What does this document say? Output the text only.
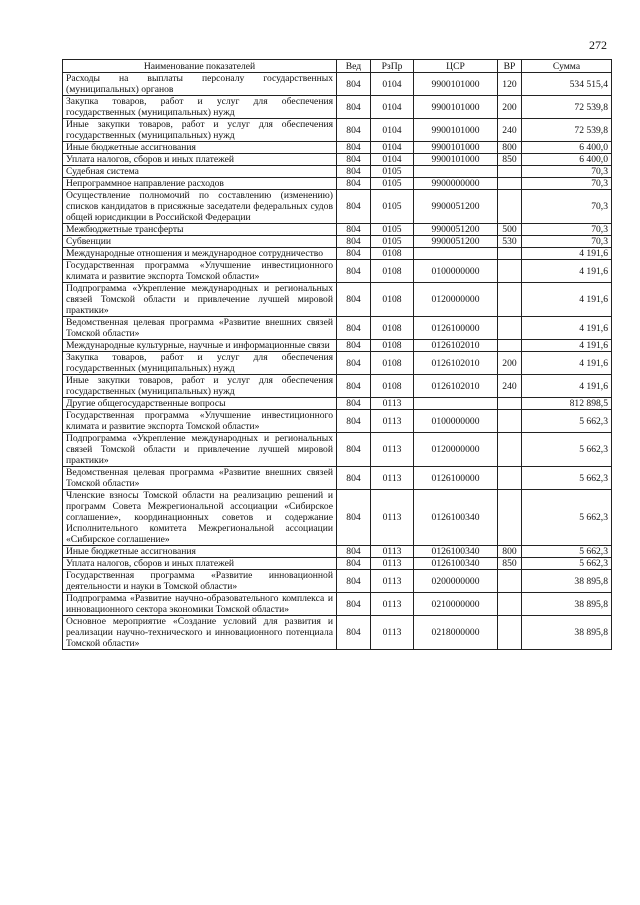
272
Наименование показателей	Вед	РзПр	ЦСР	ВР	Сумма
Расходы на выплаты персоналу государственных (муниципальных) органов	804	0104	9900101000	120	534 515,4
Закупка товаров, работ и услуг для обеспечения государственных (муниципальных) нужд	804	0104	9900101000	200	72 539,8
Иные закупки товаров, работ и услуг для обеспечения государственных (муниципальных) нужд	804	0104	9900101000	240	72 539,8
Иные бюджетные ассигнования	804	0104	9900101000	800	6 400,0
Уплата налогов, сборов и иных платежей	804	0104	9900101000	850	6 400,0
Судебная система	804	0105			70,3
Непрограммное направление расходов	804	0105	9900000000		70,3
Осуществление полномочий по составлению (изменению) списков кандидатов в присяжные заседатели федеральных судов общей юрисдикции в Российской Федерации	804	0105	9900051200		70,3
Межбюджетные трансферты	804	0105	9900051200	500	70,3
Субвенции	804	0105	9900051200	530	70,3
Международные отношения и международное сотрудничество	804	0108			4 191,6
Государственная программа «Улучшение инвестиционного климата и развитие экспорта Томской области»	804	0108	0100000000		4 191,6
Подпрограмма «Укрепление международных и региональных связей Томской области и привлечение лучшей мировой практики»	804	0108	0120000000		4 191,6
Ведомственная целевая программа «Развитие внешних связей Томской области»	804	0108	0126100000		4 191,6
Международные культурные, научные и информационные связи	804	0108	0126102010		4 191,6
Закупка товаров, работ и услуг для обеспечения государственных (муниципальных) нужд	804	0108	0126102010	200	4 191,6
Иные закупки товаров, работ и услуг для обеспечения государственных (муниципальных) нужд	804	0108	0126102010	240	4 191,6
Другие общегосударственные вопросы	804	0113			812 898,5
Государственная программа «Улучшение инвестиционного климата и развитие экспорта Томской области»	804	0113	0100000000		5 662,3
Подпрограмма «Укрепление международных и региональных связей Томской области и привлечение лучшей мировой практики»	804	0113	0120000000		5 662,3
Ведомственная целевая программа «Развитие внешних связей Томской области»	804	0113	0126100000		5 662,3
Членские взносы Томской области на реализацию решений и программ Совета Межрегиональной ассоциации «Сибирское соглашение», координационных советов и содержание Исполнительного комитета Межрегиональной ассоциации «Сибирское соглашение»	804	0113	0126100340		5 662,3
Иные бюджетные ассигнования	804	0113	0126100340	800	5 662,3
Уплата налогов, сборов и иных платежей	804	0113	0126100340	850	5 662,3
Государственная программа «Развитие инновационной деятельности и науки в Томской области»	804	0113	0200000000		38 895,8
Подпрограмма «Развитие научно-образовательного комплекса и инновационного сектора экономики Томской области»	804	0113	0210000000		38 895,8
Основное мероприятие «Создание условий для развития и реализации научно-технического и инновационного потенциала Томской области»	804	0113	0218000000		38 895,8
